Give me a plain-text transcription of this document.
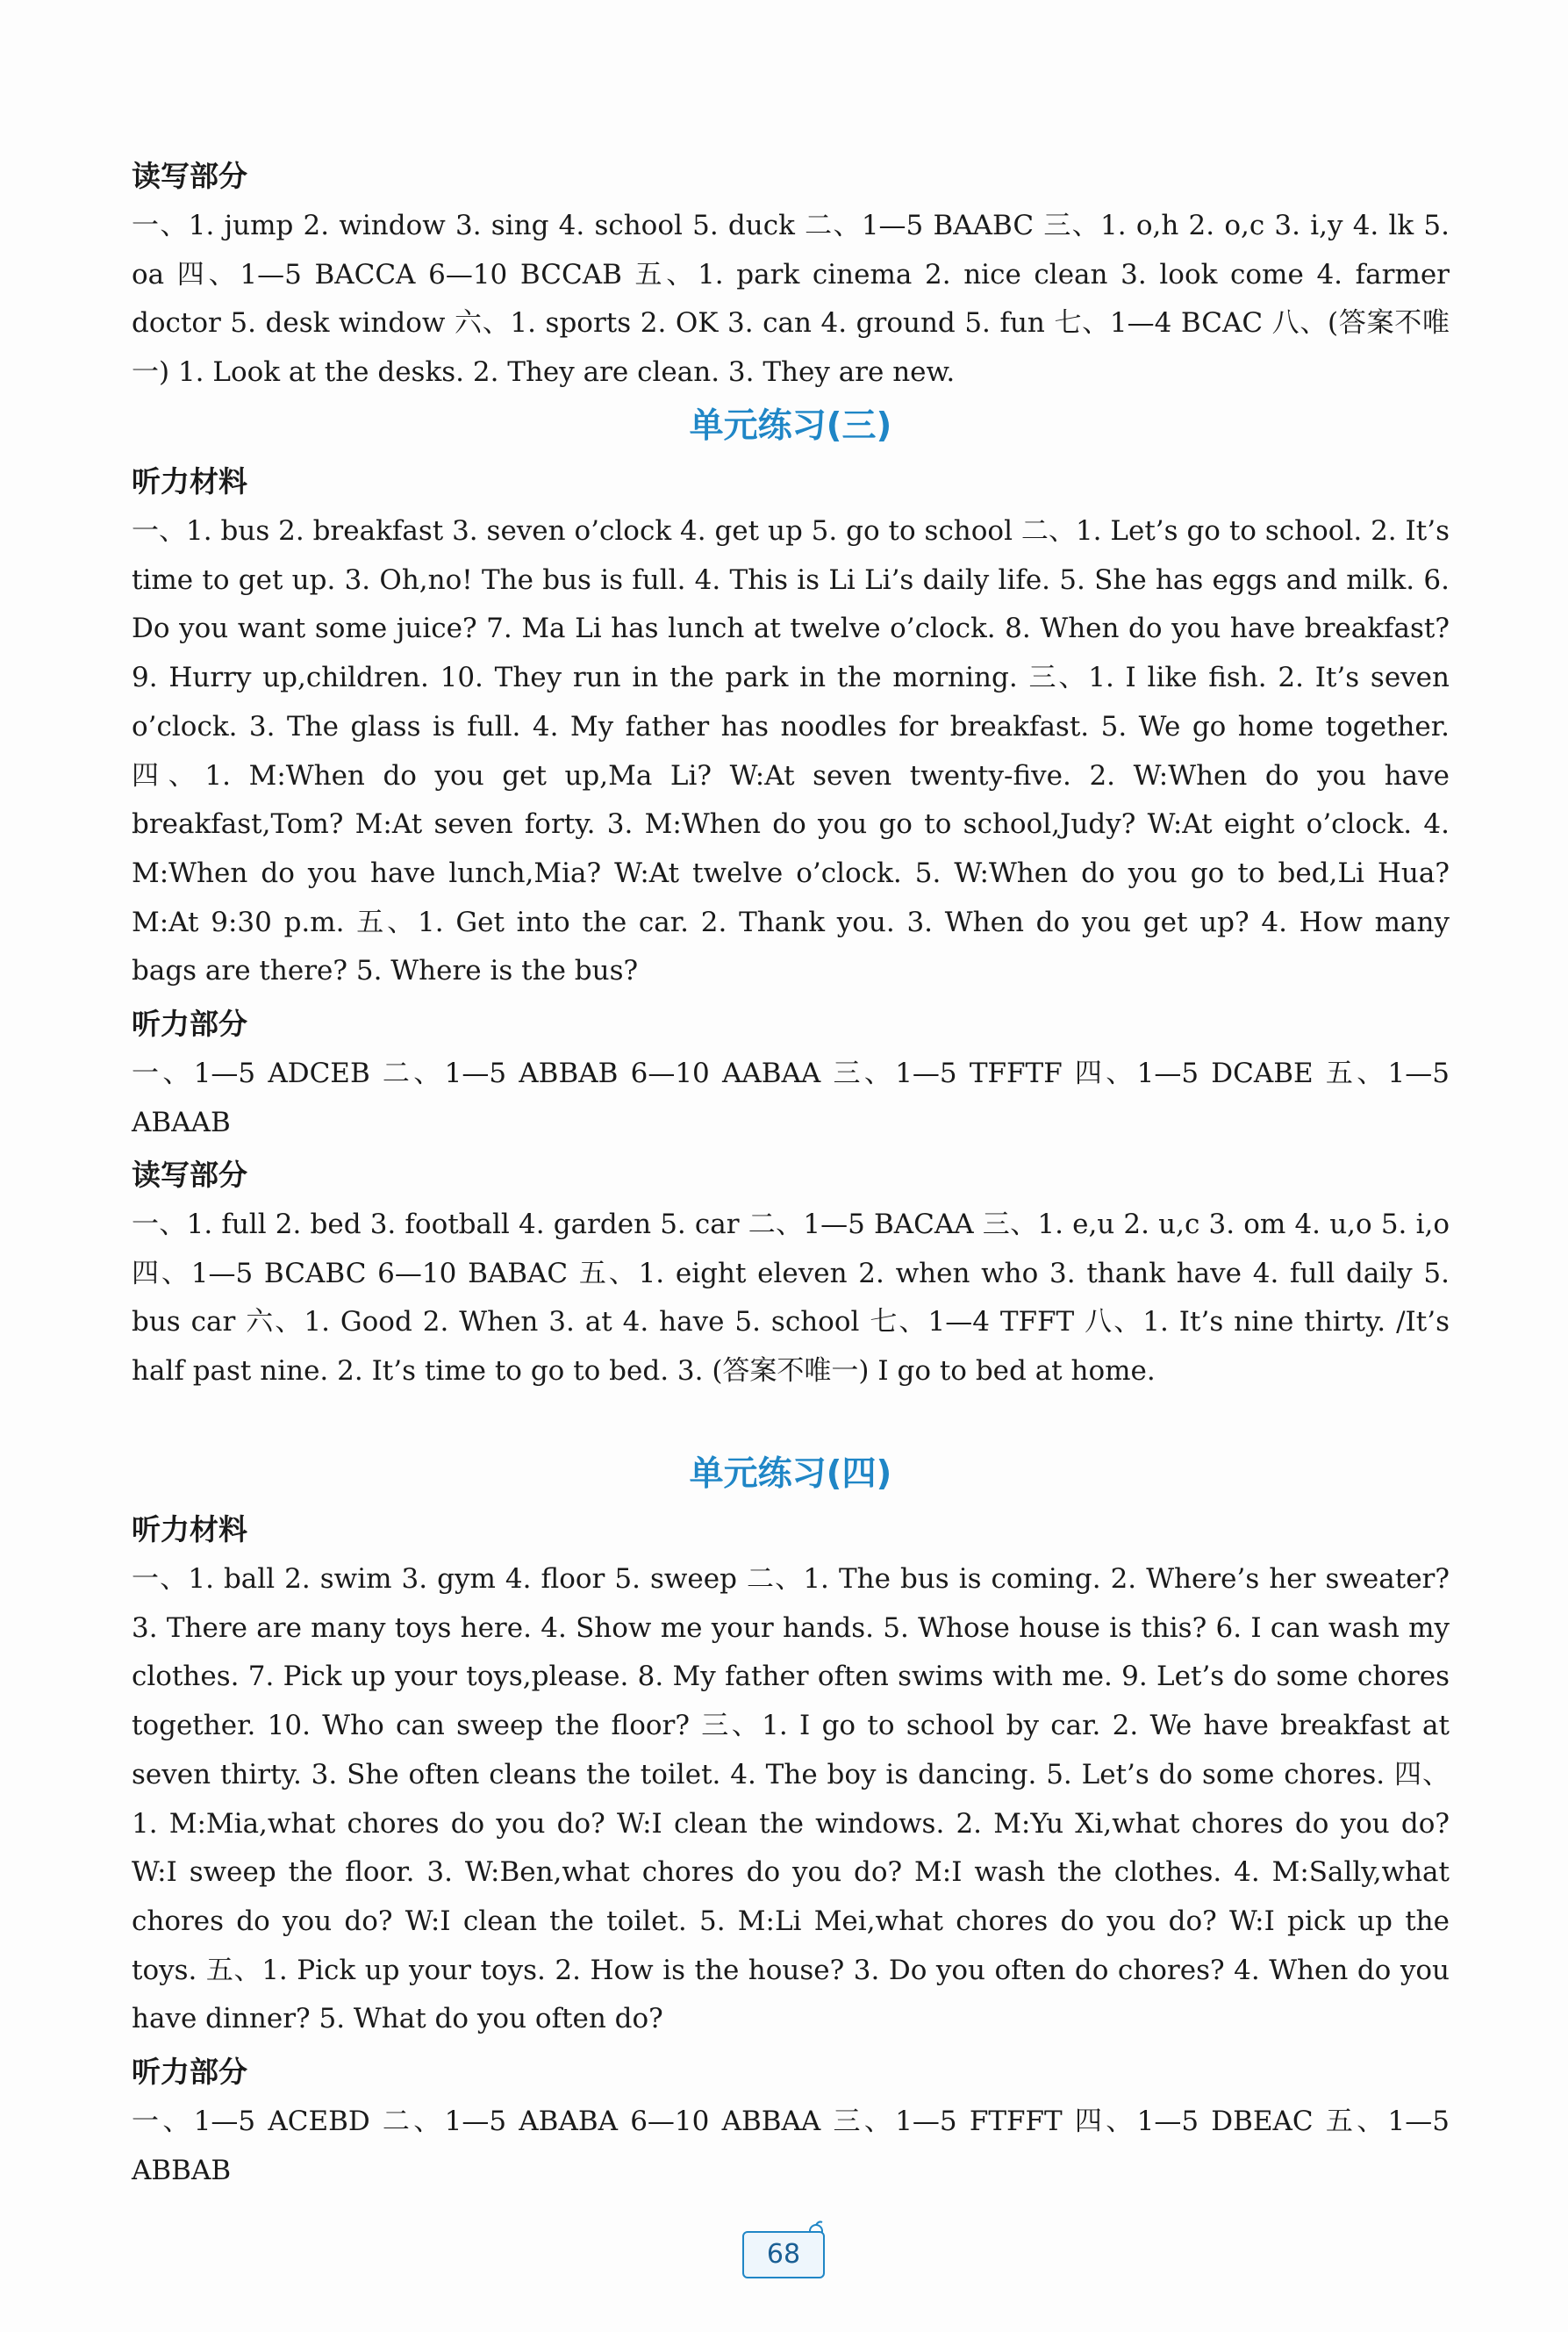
读写部分
一、1. jump 2. window 3. sing 4. school 5. duck 二、1—5 BAABC 三、1. o,h 2. o,c 3. i,y 4. lk 5. oa 四、1—5 BACCA 6—10 BCCAB 五、1. park cinema 2. nice clean 3. look come 4. farmer doctor 5. desk window 六、1. sports 2. OK 3. can 4. ground 5. fun 七、1—4 BCAC 八、(答案不唯一) 1. Look at the desks. 2. They are clean. 3. They are new.
单元练习(三)
听力材料
一、1. bus 2. breakfast 3. seven o’clock 4. get up 5. go to school 二、1. Let’s go to school. 2. It’s time to get up. 3. Oh,no! The bus is full. 4. This is Li Li’s daily life. 5. She has eggs and milk. 6. Do you want some juice? 7. Ma Li has lunch at twelve o’clock. 8. When do you have breakfast? 9. Hurry up,children. 10. They run in the park in the morning. 三、1. I like fish. 2. It’s seven o’clock. 3. The glass is full. 4. My father has noodles for breakfast. 5. We go home together. 四、1. M:When do you get up,Ma Li? W:At seven twenty-five. 2. W:When do you have breakfast,Tom? M:At seven forty. 3. M:When do you go to school,Judy? W:At eight o’clock. 4. M:When do you have lunch,Mia? W:At twelve o’clock. 5. W:When do you go to bed,Li Hua? M:At 9:30 p.m. 五、1. Get into the car. 2. Thank you. 3. When do you get up? 4. How many bags are there? 5. Where is the bus?
听力部分
一、1—5 ADCEB 二、1—5 ABBAB 6—10 AABAA 三、1—5 TFFTF 四、1—5 DCABE 五、1—5 ABAAB
读写部分
一、1. full 2. bed 3. football 4. garden 5. car 二、1—5 BACAA 三、1. e,u 2. u,c 3. om 4. u,o 5. i,o 四、1—5 BCABC 6—10 BABAC 五、1. eight eleven 2. when who 3. thank have 4. full daily 5. bus car 六、1. Good 2. When 3. at 4. have 5. school 七、1—4 TFFT 八、1. It’s nine thirty. /It’s half past nine. 2. It’s time to go to bed. 3. (答案不唯一) I go to bed at home.
单元练习(四)
听力材料
一、1. ball 2. swim 3. gym 4. floor 5. sweep 二、1. The bus is coming. 2. Where’s her sweater? 3. There are many toys here. 4. Show me your hands. 5. Whose house is this? 6. I can wash my clothes. 7. Pick up your toys,please. 8. My father often swims with me. 9. Let’s do some chores together. 10. Who can sweep the floor? 三、1. I go to school by car. 2. We have breakfast at seven thirty. 3. She often cleans the toilet. 4. The boy is dancing. 5. Let’s do some chores. 四、1. M:Mia,what chores do you do? W:I clean the windows. 2. M:Yu Xi,what chores do you do? W:I sweep the floor. 3. W:Ben,what chores do you do? M:I wash the clothes. 4. M:Sally,what chores do you do? W:I clean the toilet. 5. M:Li Mei,what chores do you do? W:I pick up the toys. 五、1. Pick up your toys. 2. How is the house? 3. Do you often do chores? 4. When do you have dinner? 5. What do you often do?
听力部分
一、1—5 ACEBD 二、1—5 ABABA 6—10 ABBAA 三、1—5 FTFFT 四、1—5 DBEAC 五、1—5 ABBAB
68
